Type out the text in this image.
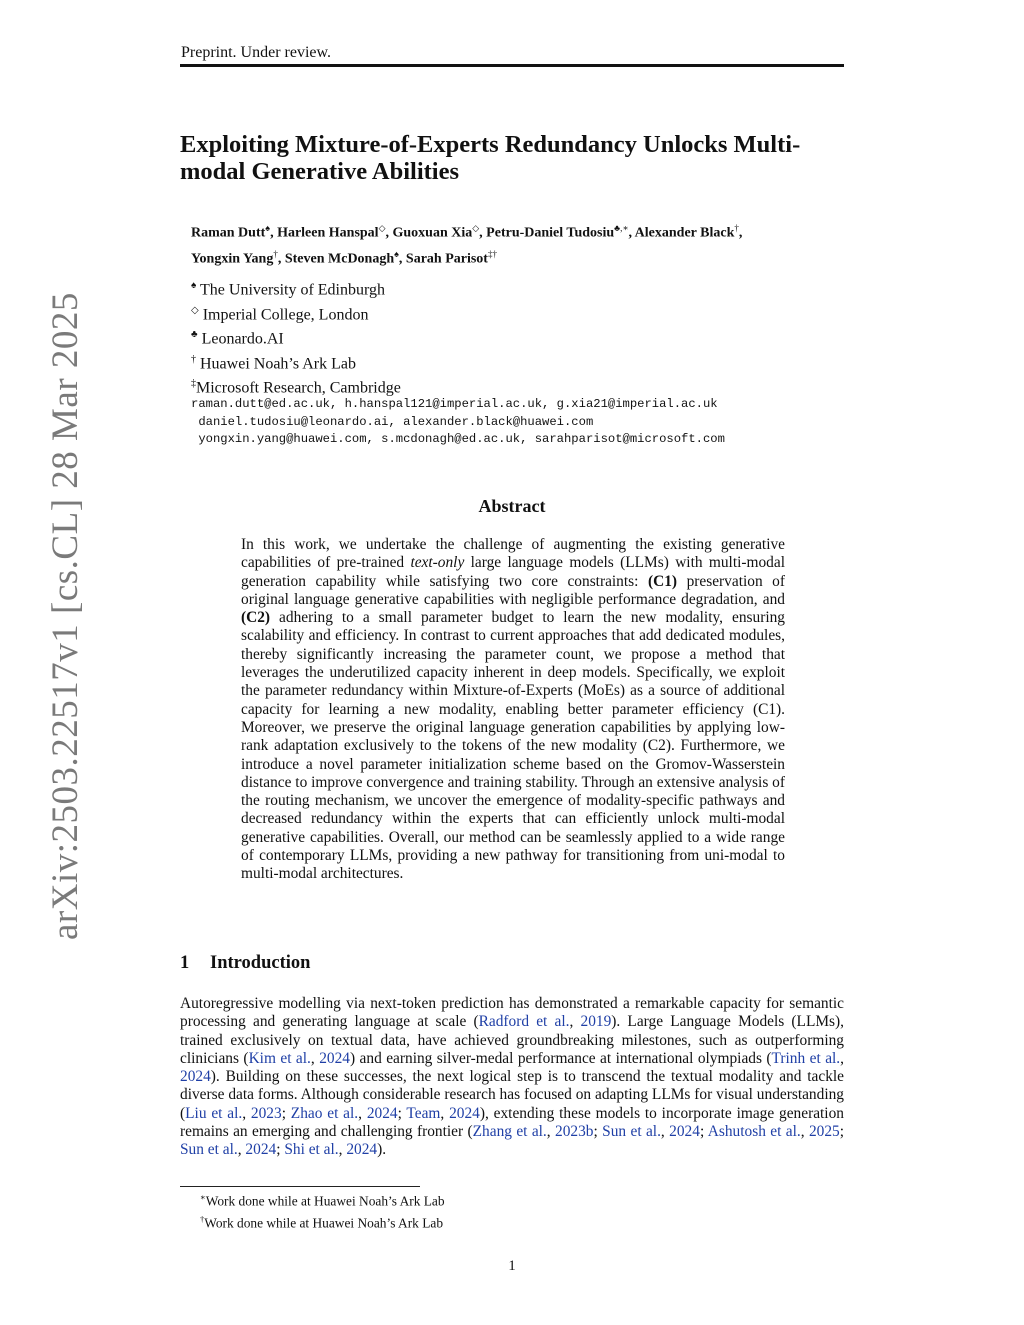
Preprint. Under review.
arXiv:2503.22517v1 [cs.CL] 28 Mar 2025
Exploiting Mixture-of-Experts Redundancy Unlocks Multi-modal Generative Abilities
Raman Dutt♠, Harleen Hanspal◇, Guoxuan Xia◇, Petru-Daniel Tudosiu♣,∗, Alexander Black†,
Yongxin Yang†, Steven McDonagh♠, Sarah Parisot‡†
♠ The University of Edinburgh
◇ Imperial College, London
♣ Leonardo.AI
† Huawei Noah’s Ark Lab
‡Microsoft Research, Cambridge
raman.dutt@ed.ac.uk, h.hanspal121@imperial.ac.uk, g.xia21@imperial.ac.uk
daniel.tudosiu@leonardo.ai, alexander.black@huawei.com
yongxin.yang@huawei.com, s.mcdonagh@ed.ac.uk, sarahparisot@microsoft.com
Abstract

In this work, we undertake the challenge of augmenting the existing generative capabilities of pre-trained text-only large language models (LLMs) with multi-modal generation capability while satisfying two core constraints: (C1) preservation of original language generative capabilities with negligible performance degradation, and (C2) adhering to a small parameter budget to learn the new modality, ensuring scalability and efficiency. In contrast to current approaches that add dedicated modules, thereby significantly increasing the parameter count, we propose a method that leverages the underutilized capacity inherent in deep models. Specifically, we exploit the parameter redundancy within Mixture-of-Experts (MoEs) as a source of additional capacity for learning a new modality, enabling better parameter efficiency (C1). Moreover, we preserve the original language generation capabilities by applying low-rank adaptation exclusively to the tokens of the new modality (C2). Furthermore, we introduce a novel parameter initialization scheme based on the Gromov-Wasserstein distance to improve convergence and training stability. Through an extensive analysis of the routing mechanism, we uncover the emergence of modality-specific pathways and decreased redundancy within the experts that can efficiently unlock multi-modal generative capabilities. Overall, our method can be seamlessly applied to a wide range of contemporary LLMs, providing a new pathway for transitioning from uni-modal to multi-modal architectures.

1 Introduction

Autoregressive modelling via next-token prediction has demonstrated a remarkable capacity for semantic processing and generating language at scale (Radford et al., 2019). Large Language Models (LLMs), trained exclusively on textual data, have achieved groundbreaking milestones, such as outperforming clinicians (Kim et al., 2024) and earning silver-medal performance at international olympiads (Trinh et al., 2024). Building on these successes, the next logical step is to transcend the textual modality and tackle diverse data forms. Although considerable research has focused on adapting LLMs for visual understanding (Liu et al., 2023; Zhao et al., 2024; Team, 2024), extending these models to incorporate image generation remains an emerging and challenging frontier (Zhang et al., 2023b; Sun et al., 2024; Ashutosh et al., 2025; Sun et al., 2024; Shi et al., 2024).

∗Work done while at Huawei Noah’s Ark Lab
†Work done while at Huawei Noah’s Ark Lab
1
